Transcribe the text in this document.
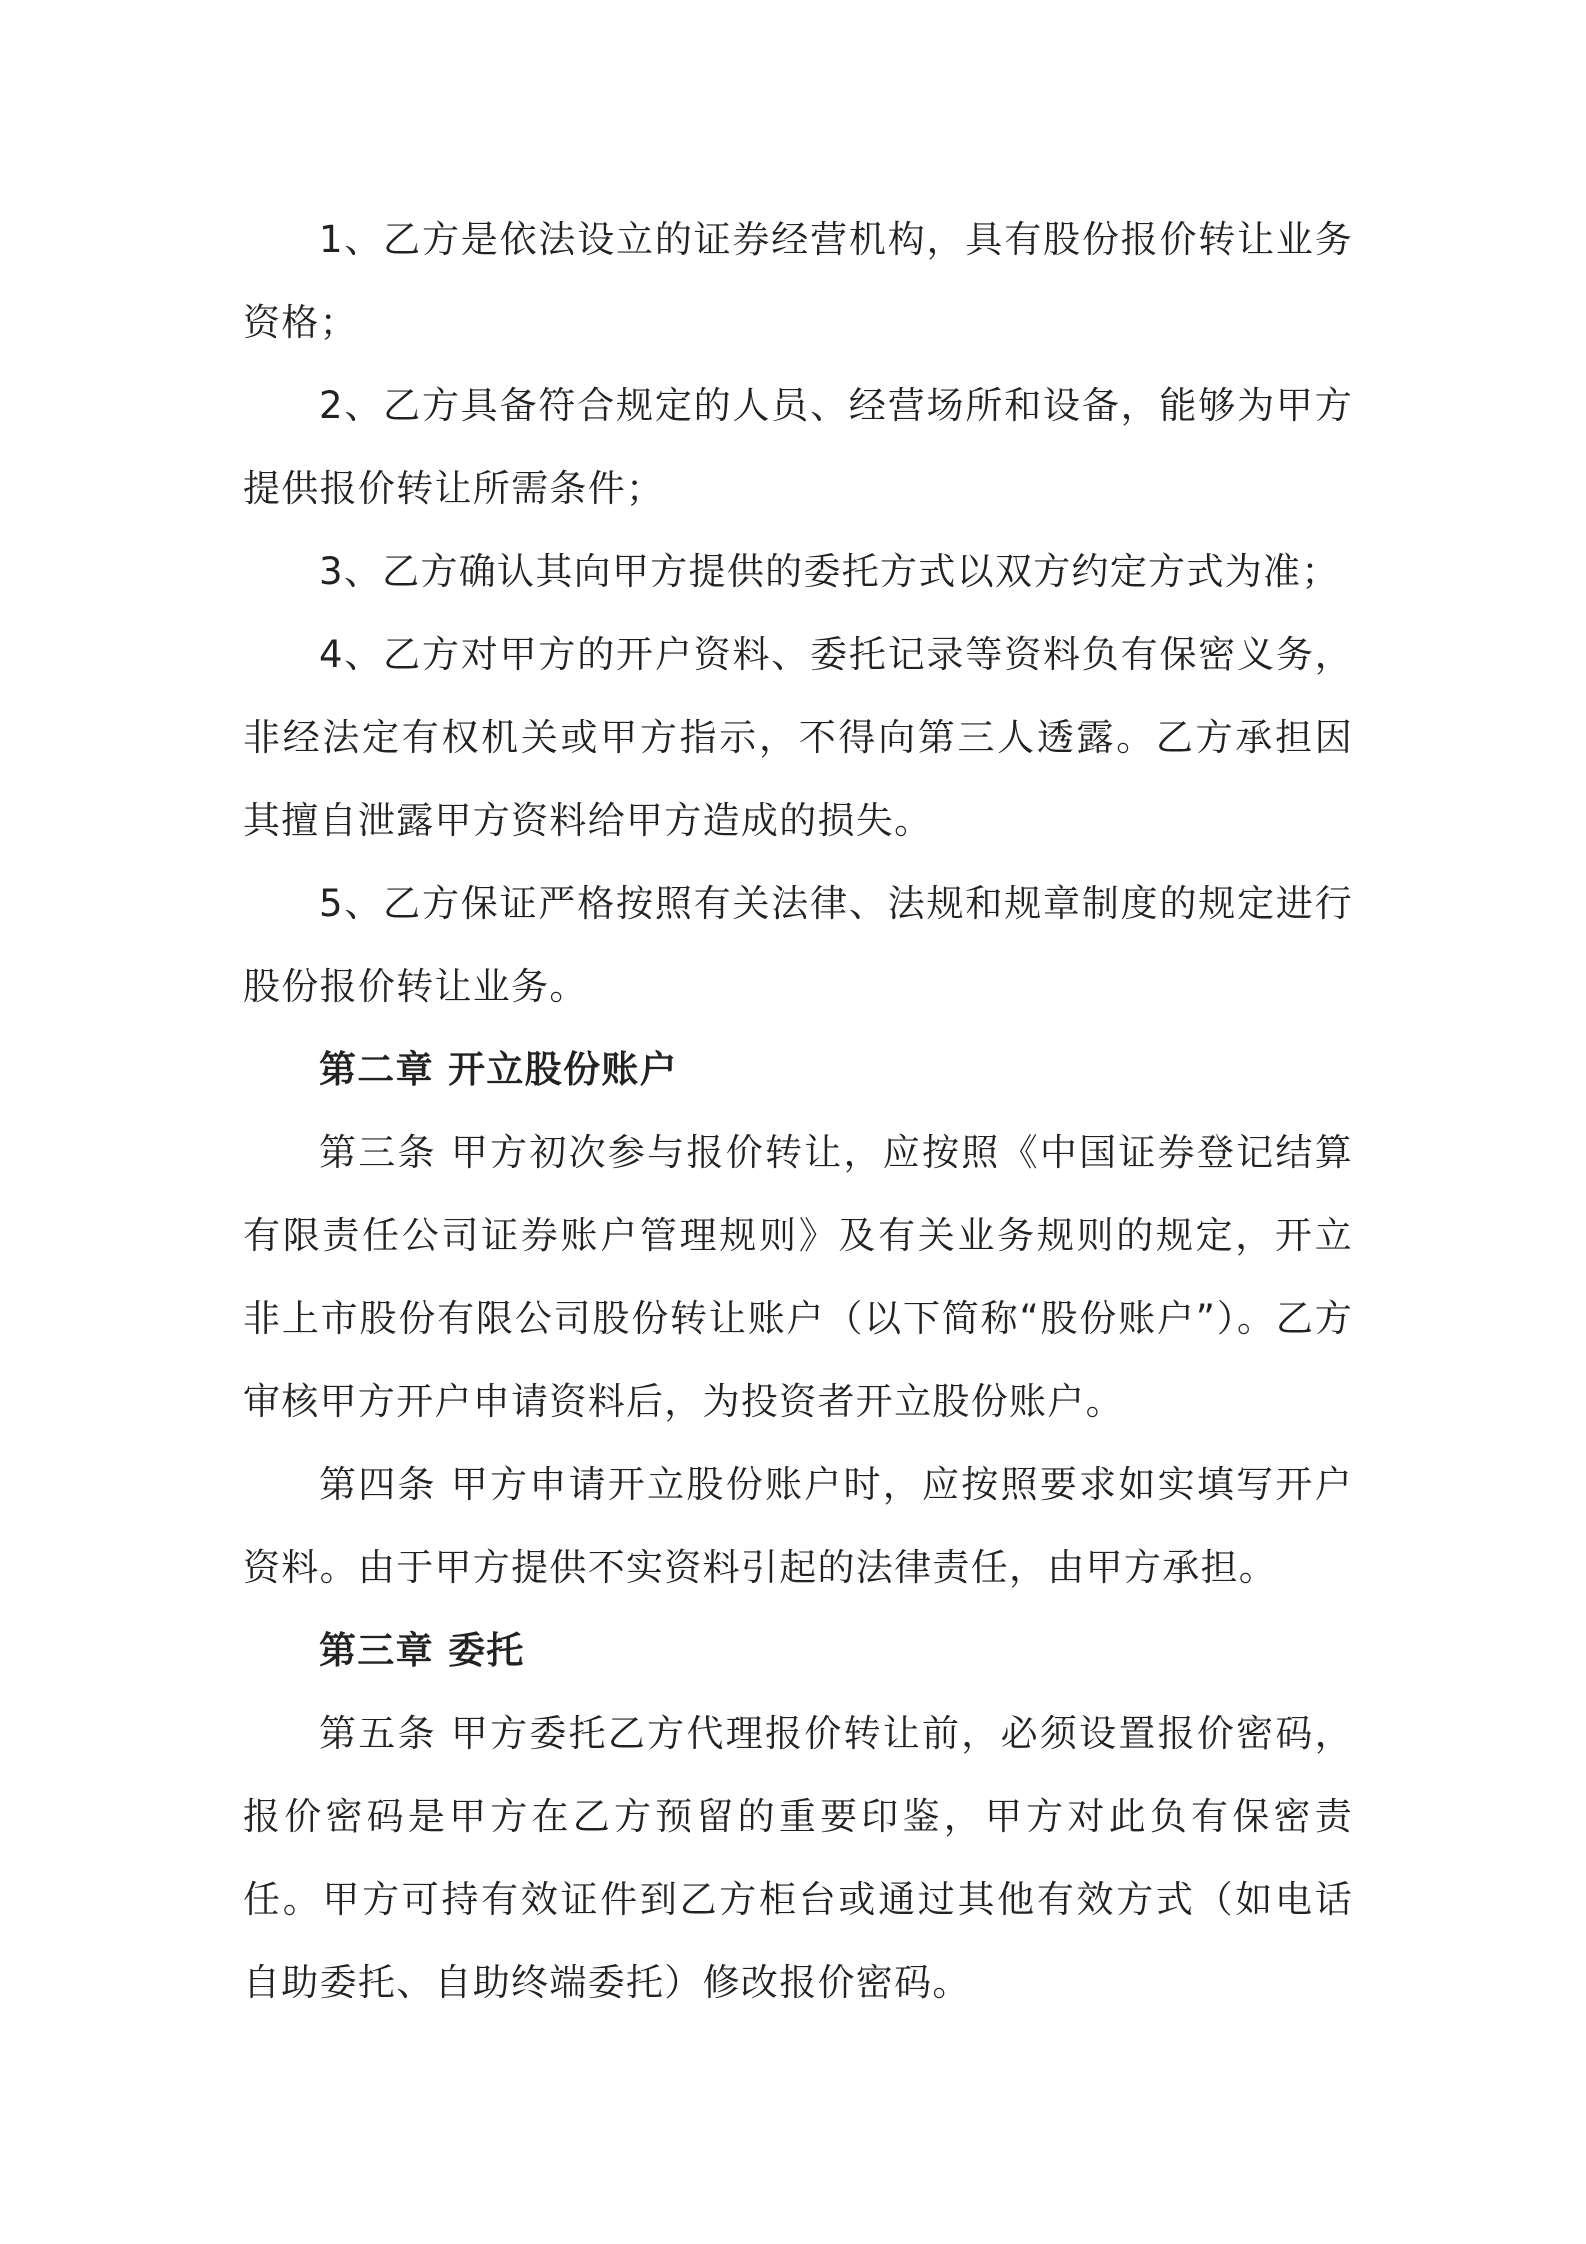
1、乙方是依法设立的证券经营机构，具有股份报价转让业务资格；

2、乙方具备符合规定的人员、经营场所和设备，能够为甲方提供报价转让所需条件；

3、乙方确认其向甲方提供的委托方式以双方约定方式为准；

4、乙方对甲方的开户资料、委托记录等资料负有保密义务，非经法定有权机关或甲方指示，不得向第三人透露。乙方承担因其擅自泄露甲方资料给甲方造成的损失。

5、乙方保证严格按照有关法律、法规和规章制度的规定进行股份报价转让业务。

第二章 开立股份账户

第三条 甲方初次参与报价转让，应按照《中国证券登记结算有限责任公司证券账户管理规则》及有关业务规则的规定，开立非上市股份有限公司股份转让账户（以下简称“股份账户”）。乙方审核甲方开户申请资料后，为投资者开立股份账户。

第四条 甲方申请开立股份账户时，应按照要求如实填写开户资料。由于甲方提供不实资料引起的法律责任，由甲方承担。

第三章 委托

第五条 甲方委托乙方代理报价转让前，必须设置报价密码，报价密码是甲方在乙方预留的重要印鉴，甲方对此负有保密责任。甲方可持有效证件到乙方柜台或通过其他有效方式（如电话自助委托、自助终端委托）修改报价密码。
